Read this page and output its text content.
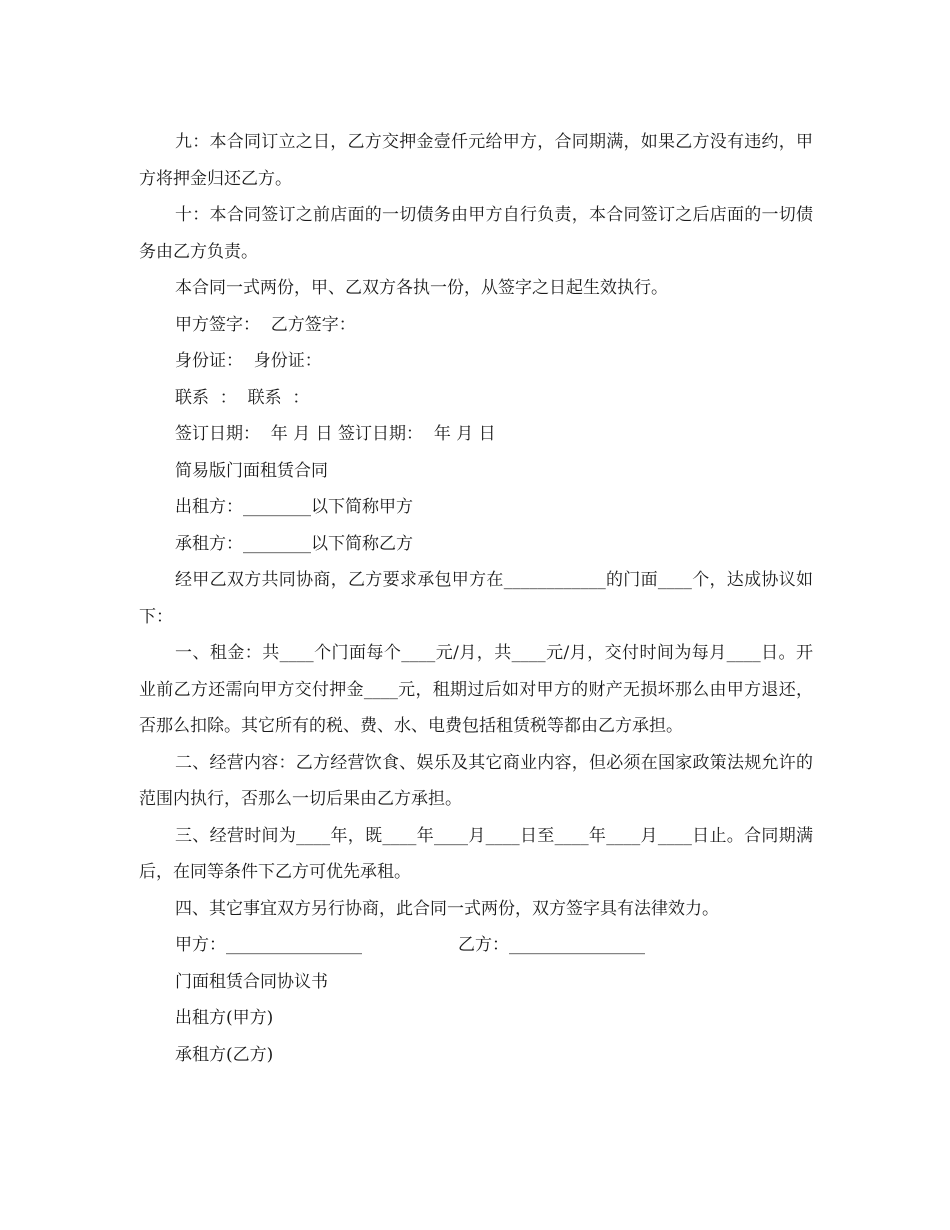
九：本合同订立之日，乙方交押金壹仟元给甲方，合同期满，如果乙方没有违约，甲方将押金归还乙方。

十：本合同签订之前店面的一切债务由甲方自行负责，本合同签订之后店面的一切债务由乙方负责。

本合同一式两份，甲、乙双方各执一份，从签字之日起生效执行。

甲方签字：  乙方签字：

身份证：  身份证：

联系  ：  联系  ：

签订日期：  年 月 日 签订日期：  年 月 日

简易版门面租赁合同

出租方：________以下简称甲方

承租方：________以下简称乙方

经甲乙双方共同协商，乙方要求承包甲方在____________的门面____个，达成协议如下：

一、租金：共____个门面每个____元/月，共____元/月，交付时间为每月____日。开业前乙方还需向甲方交付押金____元，租期过后如对甲方的财产无损坏那么由甲方退还，否那么扣除。其它所有的税、费、水、电费包括租赁税等都由乙方承担。

二、经营内容：乙方经营饮食、娱乐及其它商业内容，但必须在国家政策法规允许的范围内执行，否那么一切后果由乙方承担。

三、经营时间为____年，既____年____月____日至____年____月____日止。合同期满后，在同等条件下乙方可优先承租。

四、其它事宜双方另行协商，此合同一式两份，双方签字具有法律效力。

甲方：________________	乙方：________________

门面租赁合同协议书

出租方(甲方)

承租方(乙方)
